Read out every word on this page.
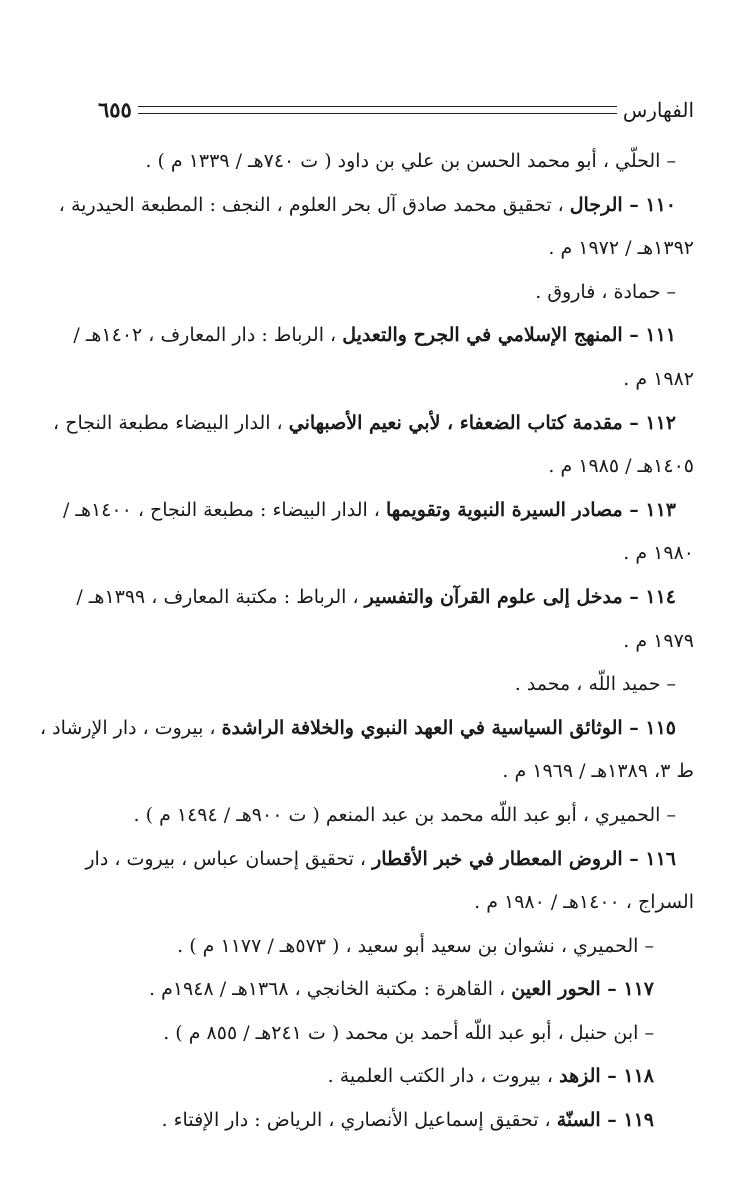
الفهارس
٦٥٥
– الحلّي ، أبو محمد الحسن بن علي بن داود ( ت ٧٤٠هـ / ١٣٣٩ م ) .
١١٠ – الرجال ، تحقيق محمد صادق آل بحر العلوم ، النجف : المطبعة الحيدرية ،
١٣٩٢هـ / ١٩٧٢ م .
– حمادة ، فاروق .
١١١ – المنهج الإسلامي في الجرح والتعديل ، الرباط : دار المعارف ، ١٤٠٢هـ /
١٩٨٢ م .
١١٢ – مقدمة كتاب الضعفاء ، لأبي نعيم الأصبهاني ، الدار البيضاء مطبعة النجاح ،
١٤٠٥هـ / ١٩٨٥ م .
١١٣ – مصادر السيرة النبوية وتقويمها ، الدار البيضاء : مطبعة النجاح ، ١٤٠٠هـ /
١٩٨٠ م .
١١٤ – مدخل إلى علوم القرآن والتفسير ، الرباط : مكتبة المعارف ، ١٣٩٩هـ /
١٩٧٩ م .
– حميد اللّه ، محمد .
١١٥ – الوثائق السياسية في العهد النبوي والخلافة الراشدة ، بيروت ، دار الإرشاد ،
ط ٣، ١٣٨٩هـ / ١٩٦٩ م .
– الحميري ، أبو عبد اللّه محمد بن عبد المنعم ( ت ٩٠٠هـ / ١٤٩٤ م ) .
١١٦ – الروض المعطار في خبر الأقطار ، تحقيق إحسان عباس ، بيروت ، دار
السراج ، ١٤٠٠هـ / ١٩٨٠ م .
– الحميري ، نشوان بن سعيد أبو سعيد ، ( ٥٧٣هـ / ١١٧٧ م ) .
١١٧ – الحور العين ، القاهرة : مكتبة الخانجي ، ١٣٦٨هـ / ١٩٤٨م .
– ابن حنبل ، أبو عبد اللّه أحمد بن محمد ( ت ٢٤١هـ / ٨٥٥ م ) .
١١٨ – الزهد ، بيروت ، دار الكتب العلمية .
١١٩ – السنّة ، تحقيق إسماعيل الأنصاري ، الرياض : دار الإفتاء .
